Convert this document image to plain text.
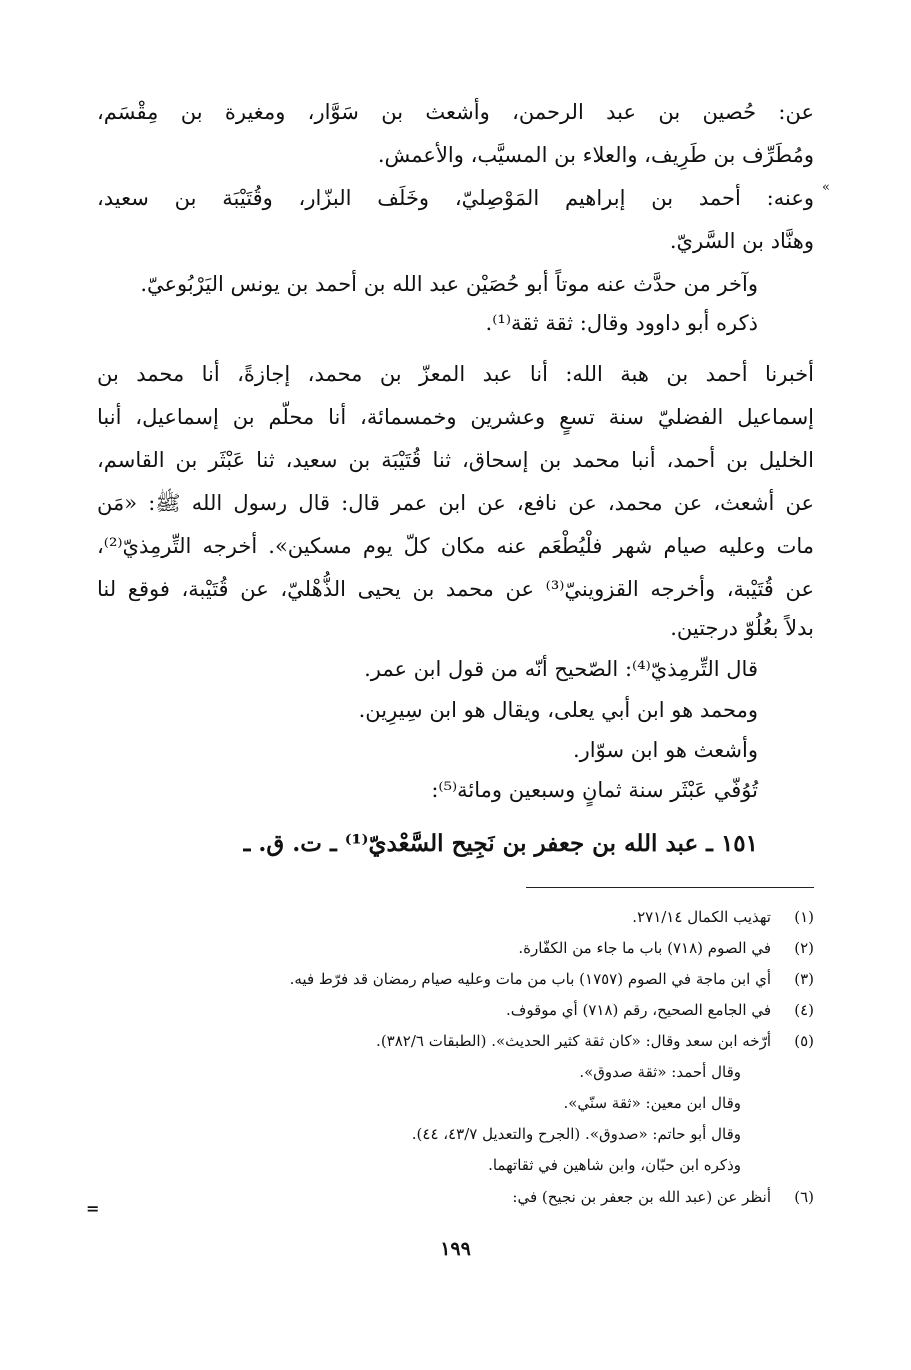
عن: حُصين بن عبد الرحمن، وأشعث بن سَوَّار، ومغيرة بن مِقْسَم،
ومُطَرِّف بن طَرِيف، والعلاء بن المسيَّب، والأعمش.
وعنه: أحمد بن إبراهيم المَوْصِليّ، وخَلَف البزّار، وقُتَيْبَة بن سعيد، «
وهنَّاد بن السَّريّ.
وآخر من حدَّث عنه موتاً أبو حُصَيْن عبد الله بن أحمد بن يونس اليَرْبُوعيّ.
ذكره أبو داوود وقال: ثقة ثقة⁽¹⁾.
أخبرنا أحمد بن هبة الله: أنا عبد المعزّ بن محمد، إجازةً، أنا محمد بن
إسماعيل الفضليّ سنة تسعٍ وعشرين وخمسمائة، أنا محلّم بن إسماعيل، أنبا
الخليل بن أحمد، أنبا محمد بن إسحاق، ثنا قُتَيْبَة بن سعيد، ثنا عَبْثَر بن القاسم،
عن أشعث، عن محمد، عن نافع، عن ابن عمر قال: قال رسول الله ﷺ: «مَن
مات وعليه صيام شهر فلْيُطْعَم عنه مكان كلّ يوم مسكين». أخرجه التِّرمِذيّ⁽²⁾،
عن قُتَيْبة، وأخرجه القزوينيّ⁽³⁾ عن محمد بن يحيى الذُّهْليّ، عن قُتَيْبة، فوقع لنا
بدلاً بعُلُوّ درجتين.
قال التِّرمِذيّ⁽⁴⁾: الصّحيح أنّه من قول ابن عمر.
ومحمد هو ابن أبي يعلى، ويقال هو ابن سِيرِين.
وأشعث هو ابن سوّار.
تُوُفّي عَبْثَر سنة ثمانٍ وسبعين ومائة⁽⁵⁾:
١٥١ ـ عبد الله بن جعفر بن نَجِيح السَّعْديّ⁽¹⁾ ـ ت. ق. ـ
(١)
تهذيب الكمال ٢٧١/١٤.
(٢)
في الصوم (٧١٨) باب ما جاء من الكفّارة.
(٣)
أي ابن ماجة في الصوم (١٧٥٧) باب من مات وعليه صيام رمضان قد فرّط فيه.
(٤)
في الجامع الصحيح، رقم (٧١٨) أي موقوف.
(٥)
أرّخه ابن سعد وقال: «كان ثقة كثير الحديث». (الطبقات ٣٨٢/٦).
وقال أحمد: «ثقة صدوق».
وقال ابن معين: «ثقة سنّي».
وقال أبو حاتم: «صدوق». (الجرح والتعديل ٤٣/٧، ٤٤).
وذكره ابن حبّان، وابن شاهين في ثقاتهما.
(٦)
أنظر عن (عبد الله بن جعفر بن نجيح) في:
=
١٩٩
